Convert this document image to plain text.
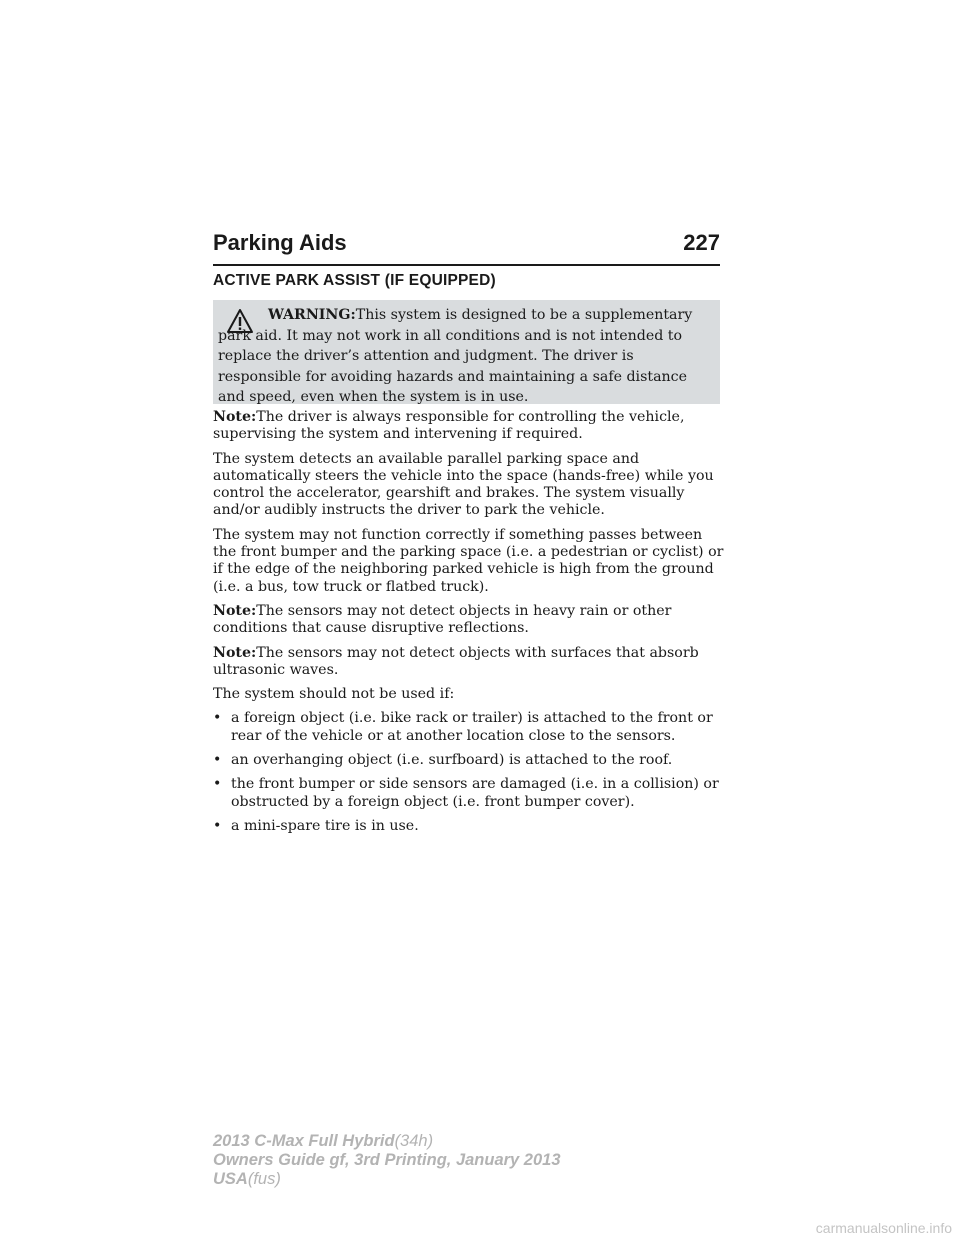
Parking Aids	227
ACTIVE PARK ASSIST (IF EQUIPPED)
WARNING:This system is designed to be a supplementary park aid. It may not work in all conditions and is not intended to replace the driver’s attention and judgment. The driver is responsible for avoiding hazards and maintaining a safe distance and speed, even when the system is in use.

Note:The driver is always responsible for controlling the vehicle, supervising the system and intervening if required.

The system detects an available parallel parking space and automatically steers the vehicle into the space (hands-free) while you control the accelerator, gearshift and brakes. The system visually and/or audibly instructs the driver to park the vehicle.

The system may not function correctly if something passes between the front bumper and the parking space (i.e. a pedestrian or cyclist) or if the edge of the neighboring parked vehicle is high from the ground (i.e. a bus, tow truck or flatbed truck).

Note:The sensors may not detect objects in heavy rain or other conditions that cause disruptive reflections.

Note:The sensors may not detect objects with surfaces that absorb ultrasonic waves.

The system should not be used if:

• a foreign object (i.e. bike rack or trailer) is attached to the front or rear of the vehicle or at another location close to the sensors.
• an overhanging object (i.e. surfboard) is attached to the roof.
• the front bumper or side sensors are damaged (i.e. in a collision) or obstructed by a foreign object (i.e. front bumper cover).
• a mini-spare tire is in use.
2013 C-Max Full Hybrid(34h)
Owners Guide gf, 3rd Printing, January 2013
USA(fus)
carmanualsonline.info
